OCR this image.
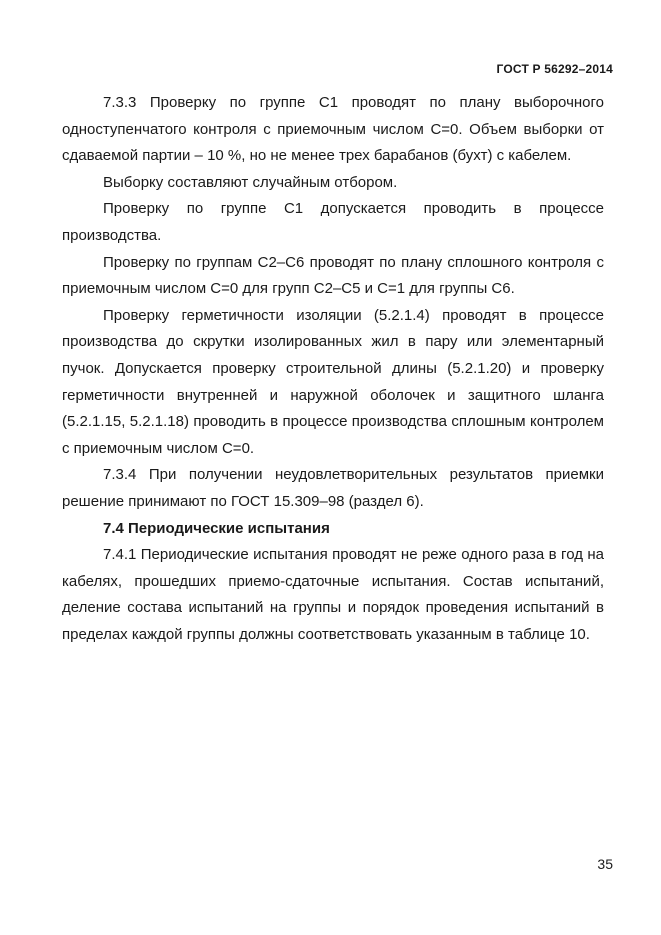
ГОСТ Р 56292–2014

7.3.3 Проверку по группе С1 проводят по плану выборочного одноступенчатого контроля с приемочным числом С=0. Объем выборки от сдаваемой партии – 10 %, но не менее трех барабанов (бухт) с кабелем.

Выборку составляют случайным отбором.

Проверку по группе С1 допускается проводить в процессе производства.

Проверку по группам С2–С6 проводят по плану сплошного контроля с приемочным числом С=0 для групп С2–С5 и С=1 для группы С6.

Проверку герметичности изоляции (5.2.1.4) проводят в процессе производства до скрутки изолированных жил в пару или элементарный пучок. Допускается проверку строительной длины (5.2.1.20) и проверку герметичности внутренней и наружной оболочек и защитного шланга (5.2.1.15, 5.2.1.18) проводить в процессе производства сплошным контролем с приемочным числом С=0.

7.3.4 При получении неудовлетворительных результатов приемки решение принимают по ГОСТ 15.309–98 (раздел 6).

7.4 Периодические испытания

7.4.1 Периодические испытания проводят не реже одного раза в год на кабелях, прошедших приемо-сдаточные испытания. Состав испытаний, деление состава испытаний на группы и порядок проведения испытаний в пределах каждой группы должны соответствовать указанным в таблице 10.

35
